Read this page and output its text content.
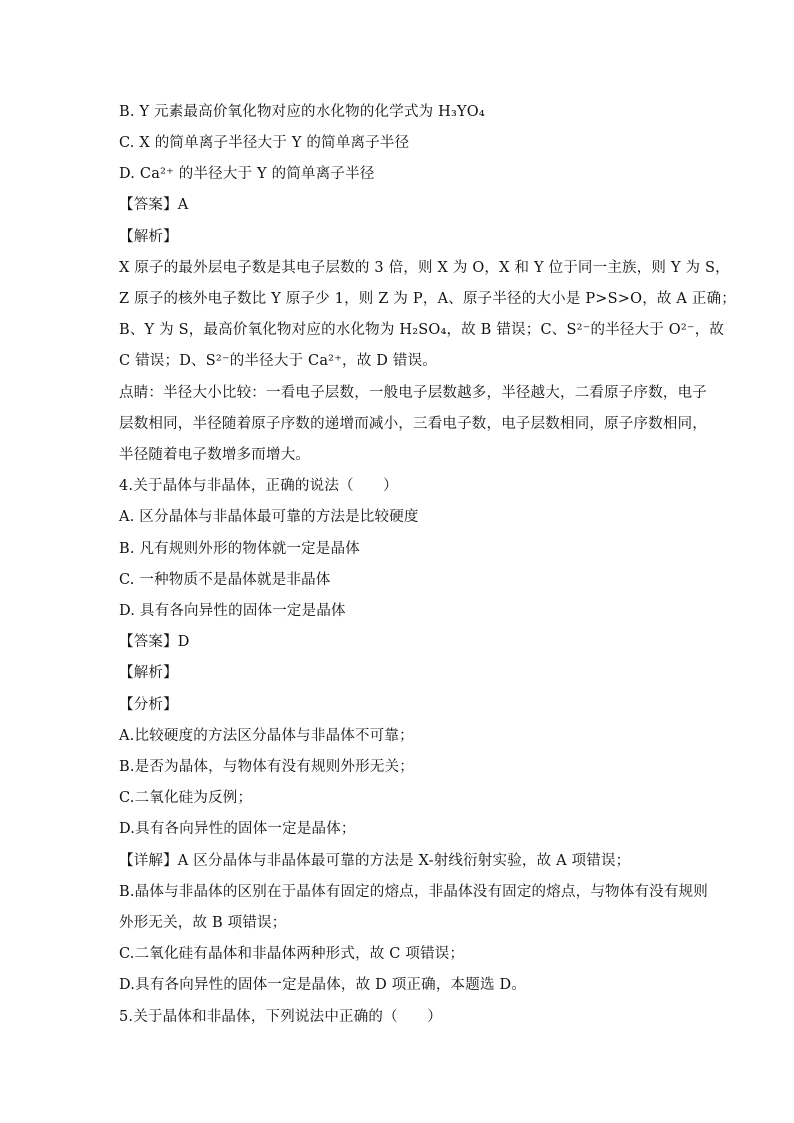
B. Y 元素最高价氧化物对应的水化物的化学式为 H₃YO₄
C. X 的简单离子半径大于 Y 的简单离子半径
D. Ca²⁺ 的半径大于 Y 的简单离子半径
【答案】A
【解析】
X 原子的最外层电子数是其电子层数的 3 倍，则 X 为 O，X 和 Y 位于同一主族，则 Y 为 S，
Z 原子的核外电子数比 Y 原子少 1，则 Z 为 P，A、原子半径的大小是 P>S>O，故 A 正确；
B、Y 为 S，最高价氧化物对应的水化物为 H₂SO₄，故 B 错误；C、S²⁻的半径大于 O²⁻，故
C 错误；D、S²⁻的半径大于 Ca²⁺，故 D 错误。
点睛：半径大小比较：一看电子层数，一般电子层数越多，半径越大，二看原子序数，电子
层数相同，半径随着原子序数的递增而减小，三看电子数，电子层数相同，原子序数相同，
半径随着电子数增多而增大。
4.关于晶体与非晶体，正确的说法（　　）
A. 区分晶体与非晶体最可靠的方法是比较硬度
B. 凡有规则外形的物体就一定是晶体
C. 一种物质不是晶体就是非晶体
D. 具有各向异性的固体一定是晶体
【答案】D
【解析】
【分析】
A.比较硬度的方法区分晶体与非晶体不可靠；
B.是否为晶体，与物体有没有规则外形无关；
C.二氧化硅为反例；
D.具有各向异性的固体一定是晶体；
【详解】A 区分晶体与非晶体最可靠的方法是 X-射线衍射实验，故 A 项错误；
B.晶体与非晶体的区别在于晶体有固定的熔点，非晶体没有固定的熔点，与物体有没有规则
外形无关，故 B 项错误；
C.二氧化硅有晶体和非晶体两种形式，故 C 项错误；
D.具有各向异性的固体一定是晶体，故 D 项正确，本题选 D。
5.关于晶体和非晶体，下列说法中正确的（　　）
